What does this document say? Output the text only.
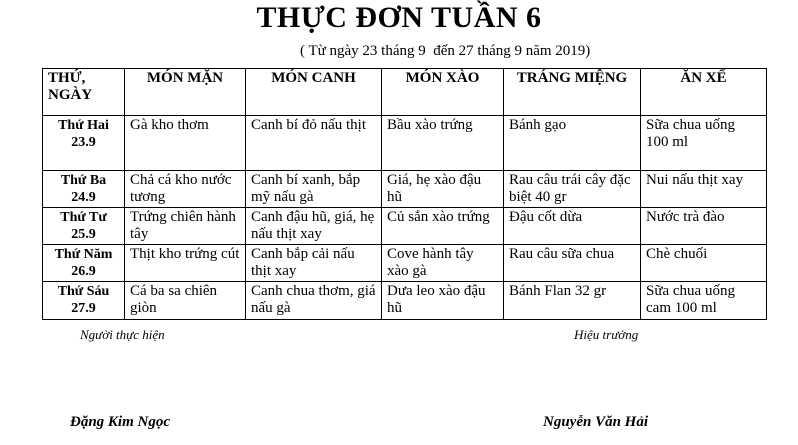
THỰC ĐƠN TUẦN 6
( Từ ngày 23 tháng 9  đến 27 tháng 9 năm 2019)
THỨ, NGÀY	MÓN MẶN	MÓN CANH	MÓN XÀO	TRÁNG MIỆNG	ĂN XẾ

Thứ Hai
23.9	Gà kho thơm	Canh bí đỏ nấu thịt	Bầu xào trứng	Bánh gạo	Sữa chua uống 100 ml

Thứ Ba
24.9	Chả cá kho nước tương	Canh bí xanh, bắp mỹ nấu gà	Giá, hẹ xào đậu hũ	Rau câu trái cây đặc biệt 40 gr	Nui nấu thịt xay

Thứ Tư
25.9	Trứng chiên hành tây	Canh đậu hũ, giá, hẹ nấu thịt xay	Củ sắn xào trứng	Đậu cốt dừa	Nước trà đào

Thứ Năm
26.9	Thịt kho trứng cút	Canh bắp cải nấu thịt xay	Cove hành tây xào gà	Rau câu sữa chua	Chè chuối

Thứ Sáu
27.9	Cá ba sa chiên giòn	Canh chua thơm, giá nấu gà	Dưa leo xào đậu hũ	Bánh Flan 32 gr	Sữa chua uống cam 100 ml
Người thực hiện	Hiệu trưởng
Đặng Kim Ngọc	Nguyễn Văn Hải
